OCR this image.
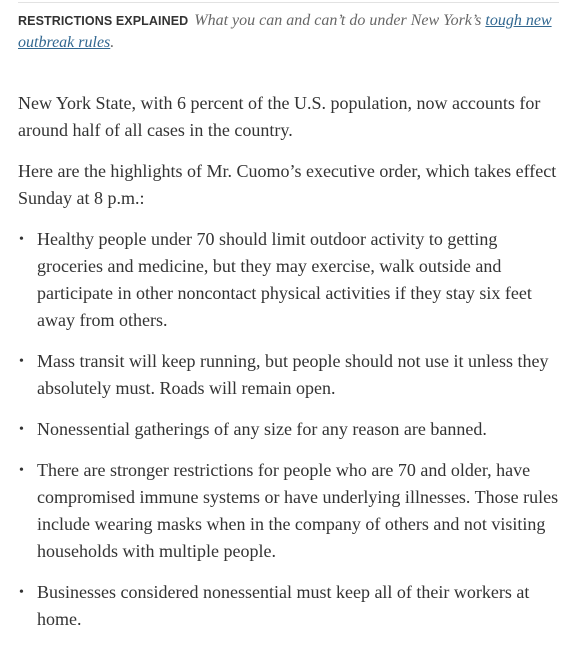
RESTRICTIONS EXPLAINED What you can and can’t do under New York’s tough new outbreak rules.

New York State, with 6 percent of the U.S. population, now accounts for around half of all cases in the country.

Here are the highlights of Mr. Cuomo’s executive order, which takes effect Sunday at 8 p.m.:

• Healthy people under 70 should limit outdoor activity to getting groceries and medicine, but they may exercise, walk outside and participate in other noncontact physical activities if they stay six feet away from others.
• Mass transit will keep running, but people should not use it unless they absolutely must. Roads will remain open.
• Nonessential gatherings of any size for any reason are banned.
• There are stronger restrictions for people who are 70 and older, have compromised immune systems or have underlying illnesses. Those rules include wearing masks when in the company of others and not visiting households with multiple people.
• Businesses considered nonessential must keep all of their workers at home.
